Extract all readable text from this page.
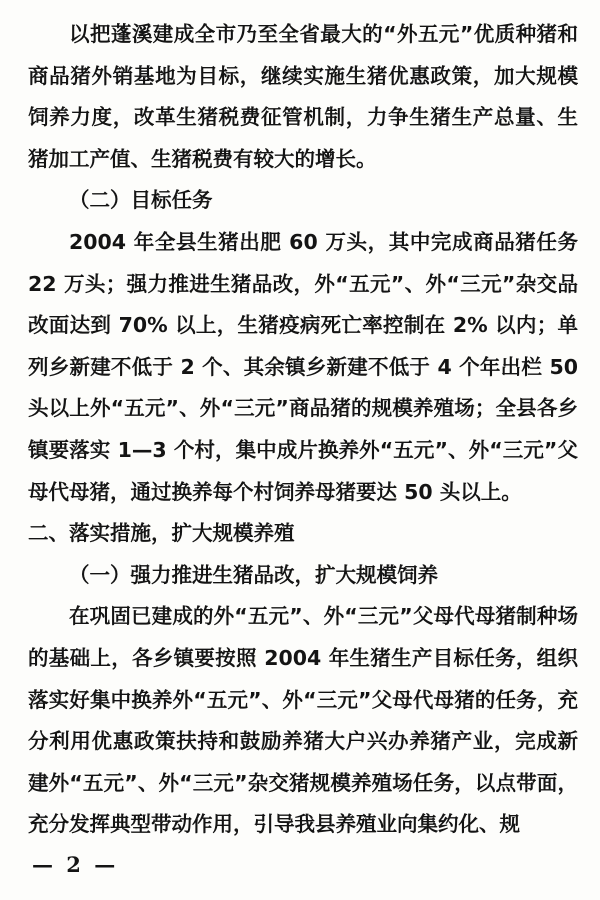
以把蓬溪建成全市乃至全省最大的“外五元”优质种猪和商品猪外销基地为目标，继续实施生猪优惠政策，加大规模饲养力度，改革生猪税费征管机制，力争生猪生产总量、生猪加工产值、生猪税费有较大的增长。

（二）目标任务

2004 年全县生猪出肥 60 万头，其中完成商品猪任务 22 万头；强力推进生猪品改，外“五元”、外“三元”杂交品改面达到 70% 以上，生猪疫病死亡率控制在 2% 以内；单列乡新建不低于 2 个、其余镇乡新建不低于 4 个年出栏 50 头以上外“五元”、外“三元”商品猪的规模养殖场；全县各乡镇要落实 1—3 个村，集中成片换养外“五元”、外“三元”父母代母猪，通过换养每个村饲养母猪要达 50 头以上。

二、落实措施，扩大规模养殖

（一）强力推进生猪品改，扩大规模饲养

在巩固已建成的外“五元”、外“三元”父母代母猪制种场的基础上，各乡镇要按照 2004 年生猪生产目标任务，组织落实好集中换养外“五元”、外“三元”父母代母猪的任务，充分利用优惠政策扶持和鼓励养猪大户兴办养猪产业，完成新建外“五元”、外“三元”杂交猪规模养殖场任务，以点带面，充分发挥典型带动作用，引导我县养殖业向集约化、规

— 2 —
